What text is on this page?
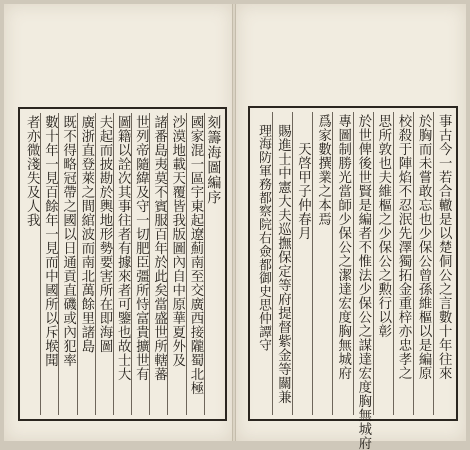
刻籌海圖編序
國家混一區宇東起遼薊南至交廣西接隴蜀北極
沙漠地載天覆皆我版圖內自中原華夏外及
諸番島夷莫不賓服百年於此矣當盛世所轄蕃
世列帝隨緯及守一切肥臣彊所恃富貴擴世有
圖籍以詮次其事往者有據來者可鑒也故士大
夫起而披勘於輿地形勢要害所在即海圖
廣浙直登萊之間綰波而南北萬餘里諸島
既不得略冠帶之國以日通貢直磯或內犯率
數十年一見百餘年一見而中國所以斥堠聞
者亦微淺失及人我	事古今一若合轍是以楚侗公之言數十年往來
於胸而未嘗敢忘也少保公曾孫維樞以是編原
校殺于陣焰不忍泯先澤獨拓金重梓亦忠孝之
思所敦也夫維樞之少保公之勲行以彰
於世俾後世賢是編者不惟法少保公之謀達宏度胸無城府
專圖制勝光當師少保公之潔達宏度胸無城府
爲家數撰業之本焉
天啓甲子仲春月
賜進士中憲大夫巡撫保定等府提督紫金等關兼
理海防軍務都察院右僉都御史思仲譚守
